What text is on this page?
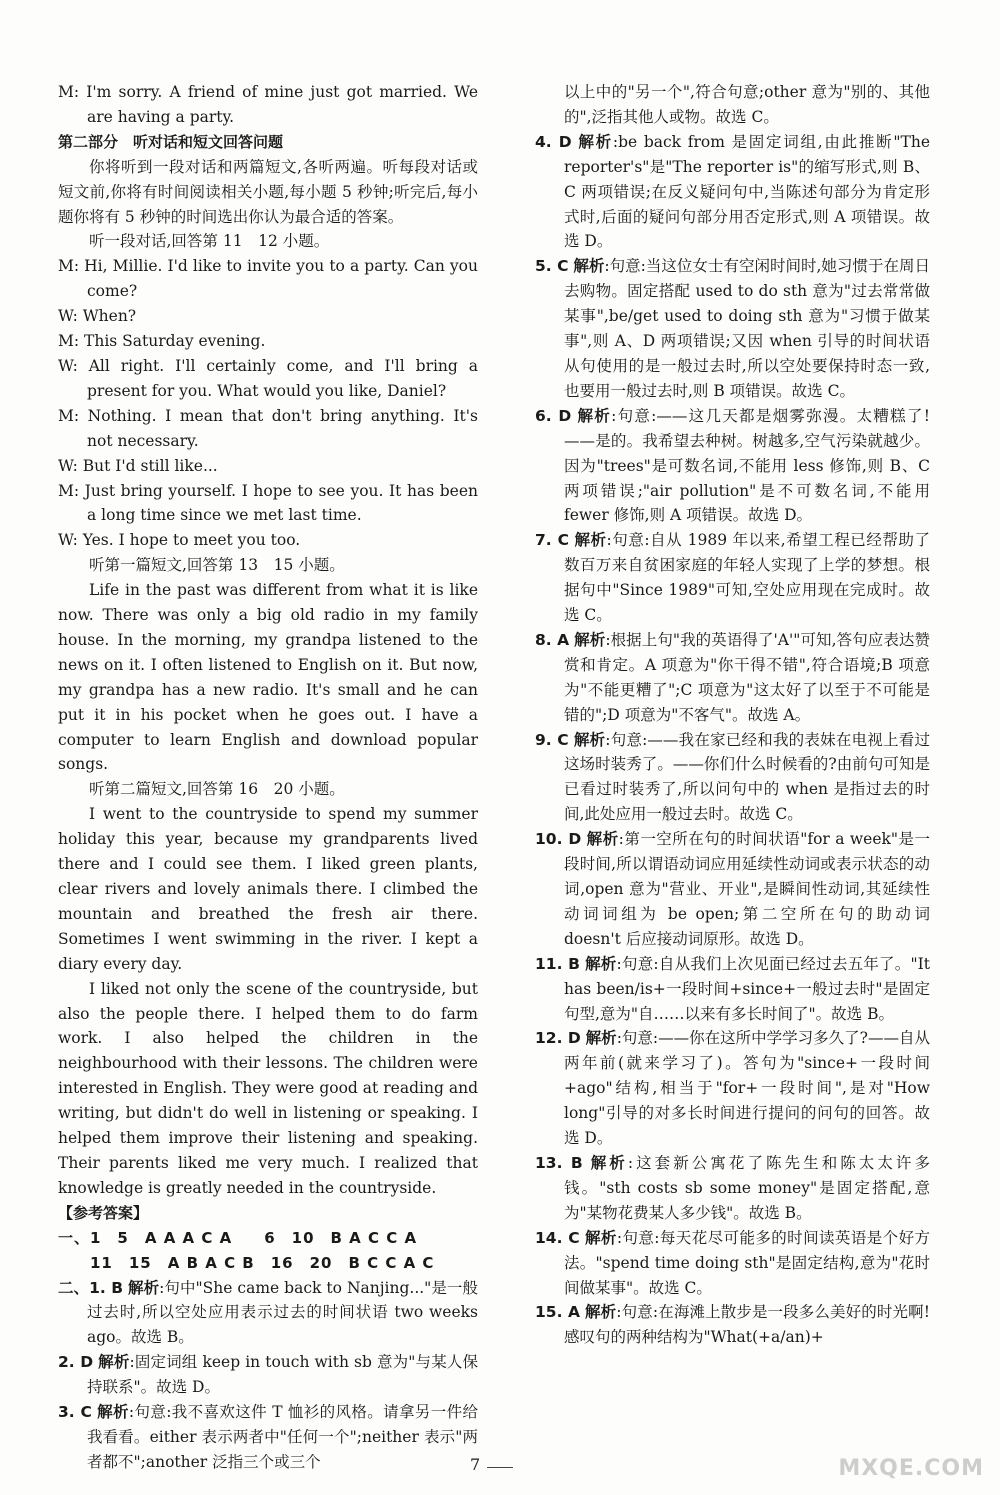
M: I'm sorry. A friend of mine just got married. We are having a party.

第二部分　听对话和短文回答问题

你将听到一段对话和两篇短文,各听两遍。听每段对话或短文前,你将有时间阅读相关小题,每小题 5 秒钟;听完后,每小题你将有 5 秒钟的时间选出你认为最合适的答案。

听一段对话,回答第 11　12 小题。

M: Hi, Millie. I'd like to invite you to a party. Can you come?

W: When?

M: This Saturday evening.

W: All right. I'll certainly come, and I'll bring a present for you. What would you like, Daniel?

M: Nothing. I mean that don't bring anything. It's not necessary.

W: But I'd still like...

M: Just bring yourself. I hope to see you. It has been a long time since we met last time.

W: Yes. I hope to meet you too.

听第一篇短文,回答第 13　15 小题。

Life in the past was different from what it is like now. There was only a big old radio in my family house. In the morning, my grandpa listened to the news on it. I often listened to English on it. But now, my grandpa has a new radio. It's small and he can put it in his pocket when he goes out. I have a computer to learn English and download popular songs.

听第二篇短文,回答第 16　20 小题。

I went to the countryside to spend my summer holiday this year, because my grandparents lived there and I could see them. I liked green plants, clear rivers and lovely animals there. I climbed the mountain and breathed the fresh air there. Sometimes I went swimming in the river. I kept a diary every day.

I liked not only the scene of the countryside, but also the people there. I helped them to do farm work. I also helped the children in the neighbourhood with their lessons. The children were interested in English. They were good at reading and writing, but didn't do well in listening or speaking. I helped them improve their listening and speaking. Their parents liked me very much. I realized that knowledge is greatly needed in the countryside.

【参考答案】

一、1　5　A A A C A　　6　10　B A C C A

　　11　15　A B A C B　16　20　B C C A C

二、1. B 解析:句中"She came back to Nanjing..."是一般过去时,所以空处应用表示过去的时间状语 two weeks ago。故选 B。

2. D 解析:固定词组 keep in touch with sb 意为"与某人保持联系"。故选 D。

3. C 解析:句意:我不喜欢这件 T 恤衫的风格。请拿另一件给我看看。either 表示两者中"任何一个";neither 表示"两者都不";another 泛指三个或三个

以上中的"另一个",符合句意;other 意为"别的、其他的",泛指其他人或物。故选 C。

4. D 解析:be back from 是固定词组,由此推断"The reporter's"是"The reporter is"的缩写形式,则 B、C 两项错误;在反义疑问句中,当陈述句部分为肯定形式时,后面的疑问句部分用否定形式,则 A 项错误。故选 D。

5. C 解析:句意:当这位女士有空闲时间时,她习惯于在周日去购物。固定搭配 used to do sth 意为"过去常常做某事",be/get used to doing sth 意为"习惯于做某事",则 A、D 两项错误;又因 when 引导的时间状语从句使用的是一般过去时,所以空处要保持时态一致,也要用一般过去时,则 B 项错误。故选 C。

6. D 解析:句意:——这几天都是烟雾弥漫。太糟糕了!——是的。我希望去种树。树越多,空气污染就越少。因为"trees"是可数名词,不能用 less 修饰,则 B、C 两项错误;"air pollution"是不可数名词,不能用 fewer 修饰,则 A 项错误。故选 D。

7. C 解析:句意:自从 1989 年以来,希望工程已经帮助了数百万来自贫困家庭的年轻人实现了上学的梦想。根据句中"Since 1989"可知,空处应用现在完成时。故选 C。

8. A 解析:根据上句"我的英语得了'A'"可知,答句应表达赞赏和肯定。A 项意为"你干得不错",符合语境;B 项意为"不能更糟了";C 项意为"这太好了以至于不可能是错的";D 项意为"不客气"。故选 A。

9. C 解析:句意:——我在家已经和我的表妹在电视上看过这场时装秀了。——你们什么时候看的?由前句可知是已看过时装秀了,所以问句中的 when 是指过去的时间,此处应用一般过去时。故选 C。

10. D 解析:第一空所在句的时间状语"for a week"是一段时间,所以谓语动词应用延续性动词或表示状态的动词,open 意为"营业、开业",是瞬间性动词,其延续性动词词组为 be open;第二空所在句的助动词 doesn't 后应接动词原形。故选 D。

11. B 解析:句意:自从我们上次见面已经过去五年了。"It has been/is+一段时间+since+一般过去时"是固定句型,意为"自……以来有多长时间了"。故选 B。

12. D 解析:句意:——你在这所中学学习多久了?——自从两年前(就来学习了)。答句为"since+一段时间+ago"结构,相当于"for+一段时间",是对"How long"引导的对多长时间进行提问的问句的回答。故选 D。

13. B 解析:这套新公寓花了陈先生和陈太太许多钱。"sth costs sb some money"是固定搭配,意为"某物花费某人多少钱"。故选 B。

14. C 解析:句意:每天花尽可能多的时间读英语是个好方法。"spend time doing sth"是固定结构,意为"花时间做某事"。故选 C。

15. A 解析:句意:在海滩上散步是一段多么美好的时光啊!感叹句的两种结构为"What(+a/an)+

7	MXQE.COM
